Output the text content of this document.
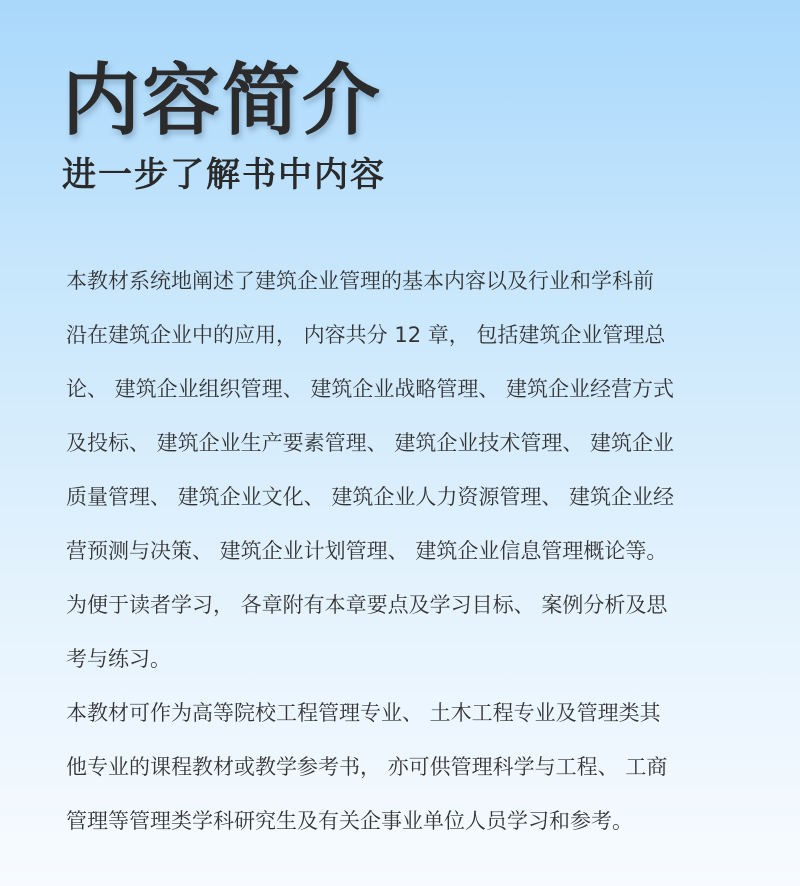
内容简介
进一步了解书中内容
本教材系统地阐述了建筑企业管理的基本内容以及行业和学科前
沿在建筑企业中的应用， 内容共分 12 章， 包括建筑企业管理总
论、 建筑企业组织管理、 建筑企业战略管理、 建筑企业经营方式
及投标、 建筑企业生产要素管理、 建筑企业技术管理、 建筑企业
质量管理、 建筑企业文化、 建筑企业人力资源管理、 建筑企业经
营预测与决策、 建筑企业计划管理、 建筑企业信息管理概论等。
为便于读者学习， 各章附有本章要点及学习目标、 案例分析及思
考与练习。
本教材可作为高等院校工程管理专业、 土木工程专业及管理类其
他专业的课程教材或教学参考书， 亦可供管理科学与工程、 工商
管理等管理类学科研究生及有关企事业单位人员学习和参考。
